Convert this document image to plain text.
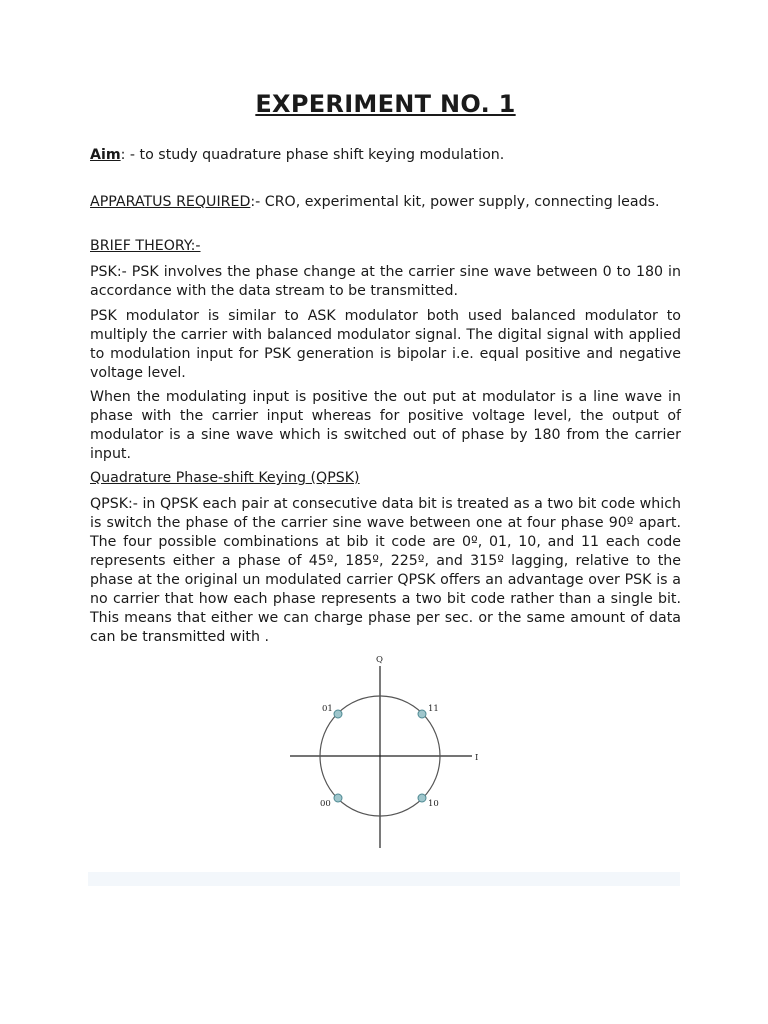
EXPERIMENT NO. 1
Aim: - to study quadrature phase shift keying modulation.
APPARATUS REQUIRED:- CRO, experimental kit, power supply, connecting leads.
BRIEF THEORY:-

PSK:- PSK involves the phase change at the carrier sine wave between 0 to 180 in accordance with the data stream to be transmitted.

PSK modulator is similar to ASK modulator both used balanced modulator to multiply the carrier with balanced modulator signal. The digital signal with applied to modulation input for PSK generation is bipolar i.e. equal positive and negative voltage level.

When the modulating input is positive the out put at modulator is a line wave in phase with the carrier input whereas for positive voltage level, the output of modulator is a sine wave which is switched out of phase by 180 from the carrier input.

Quadrature Phase-shift Keying (QPSK)

QPSK:- in QPSK each pair at consecutive data bit is treated as a two bit code which is switch the phase of the carrier sine wave between one at four phase 90º apart. The four possible combinations at bib it code are 0º, 01, 10, and 11 each code represents either a phase of 45º, 185º, 225º, and 315º lagging, relative to the phase at the original un modulated carrier QPSK offers an advantage over PSK is a no carrier that how each phase represents a two bit code rather than a single bit. This means that either we can charge phase per sec. or the same amount of data can be transmitted with .

Q
I
01	11
00	10
